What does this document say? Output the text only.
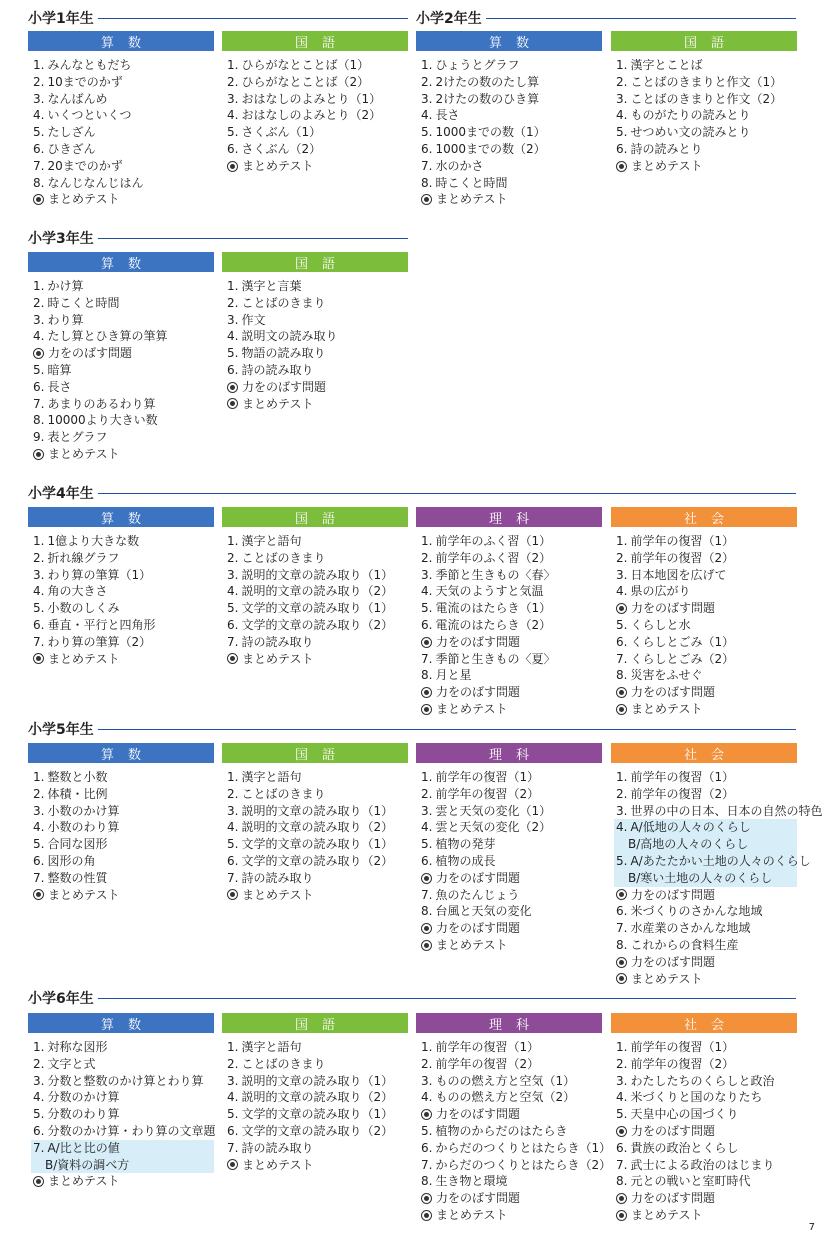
小学1年生
算数
1. みんなともだち
2. 10までのかず
3. なんばんめ
4. いくつといくつ
5. たしざん
6. ひきざん
7. 20までのかず
8. なんじなんじはん
まとめテスト
国語
1. ひらがなとことば（1）
2. ひらがなとことば（2）
3. おはなしのよみとり（1）
4. おはなしのよみとり（2）
5. さくぶん（1）
6. さくぶん（2）
まとめテスト
小学2年生
算数
1. ひょうとグラフ
2. 2けたの数のたし算
3. 2けたの数のひき算
4. 長さ
5. 1000までの数（1）
6. 1000までの数（2）
7. 水のかさ
8. 時こくと時間
まとめテスト
国語
1. 漢字とことば
2. ことばのきまりと作文（1）
3. ことばのきまりと作文（2）
4. ものがたりの読みとり
5. せつめい文の読みとり
6. 詩の読みとり
まとめテスト
小学3年生
算数
1. かけ算
2. 時こくと時間
3. わり算
4. たし算とひき算の筆算
力をのばす問題
5. 暗算
6. 長さ
7. あまりのあるわり算
8. 10000より大きい数
9. 表とグラフ
まとめテスト
国語
1. 漢字と言葉
2. ことばのきまり
3. 作文
4. 説明文の読み取り
5. 物語の読み取り
6. 詩の読み取り
力をのばす問題
まとめテスト
小学4年生
算数
1. 1億より大きな数
2. 折れ線グラフ
3. わり算の筆算（1）
4. 角の大きさ
5. 小数のしくみ
6. 垂直・平行と四角形
7. わり算の筆算（2）
まとめテスト
国語
1. 漢字と語句
2. ことばのきまり
3. 説明的文章の読み取り（1）
4. 説明的文章の読み取り（2）
5. 文学的文章の読み取り（1）
6. 文学的文章の読み取り（2）
7. 詩の読み取り
まとめテスト
理科
1. 前学年のふく習（1）
2. 前学年のふく習（2）
3. 季節と生きもの〈春〉
4. 天気のようすと気温
5. 電流のはたらき（1）
6. 電流のはたらき（2）
力をのばす問題
7. 季節と生きもの〈夏〉
8. 月と星
力をのばす問題
まとめテスト
社会
1. 前学年の復習（1）
2. 前学年の復習（2）
3. 日本地図を広げて
4. 県の広がり
力をのばす問題
5. くらしと水
6. くらしとごみ（1）
7. くらしとごみ（2）
8. 災害をふせぐ
力をのばす問題
まとめテスト
小学5年生
算数
1. 整数と小数
2. 体積・比例
3. 小数のかけ算
4. 小数のわり算
5. 合同な図形
6. 図形の角
7. 整数の性質
まとめテスト
国語
1. 漢字と語句
2. ことばのきまり
3. 説明的文章の読み取り（1）
4. 説明的文章の読み取り（2）
5. 文学的文章の読み取り（1）
6. 文学的文章の読み取り（2）
7. 詩の読み取り
まとめテスト
理科
1. 前学年の復習（1）
2. 前学年の復習（2）
3. 雲と天気の変化（1）
4. 雲と天気の変化（2）
5. 植物の発芽
6. 植物の成長
力をのばす問題
7. 魚のたんじょう
8. 台風と天気の変化
力をのばす問題
まとめテスト
社会
1. 前学年の復習（1）
2. 前学年の復習（2）
3. 世界の中の日本、日本の自然の特色
4. A/低地の人々のくらし
B/高地の人々のくらし
5. A/あたたかい土地の人々のくらし
B/寒い土地の人々のくらし
力をのばす問題
6. 米づくりのさかんな地域
7. 水産業のさかんな地域
8. これからの食料生産
力をのばす問題
まとめテスト
小学6年生
算数
1. 対称な図形
2. 文字と式
3. 分数と整数のかけ算とわり算
4. 分数のかけ算
5. 分数のわり算
6. 分数のかけ算・わり算の文章題
7. A/比と比の値
B/資料の調べ方
まとめテスト
国語
1. 漢字と語句
2. ことばのきまり
3. 説明的文章の読み取り（1）
4. 説明的文章の読み取り（2）
5. 文学的文章の読み取り（1）
6. 文学的文章の読み取り（2）
7. 詩の読み取り
まとめテスト
理科
1. 前学年の復習（1）
2. 前学年の復習（2）
3. ものの燃え方と空気（1）
4. ものの燃え方と空気（2）
力をのばす問題
5. 植物のからだのはたらき
6. からだのつくりとはたらき（1）
7. からだのつくりとはたらき（2）
8. 生き物と環境
力をのばす問題
まとめテスト
社会
1. 前学年の復習（1）
2. 前学年の復習（2）
3. わたしたちのくらしと政治
4. 米づくりと国のなりたち
5. 天皇中心の国づくり
力をのばす問題
6. 貴族の政治とくらし
7. 武士による政治のはじまり
8. 元との戦いと室町時代
力をのばす問題
まとめテスト
7
